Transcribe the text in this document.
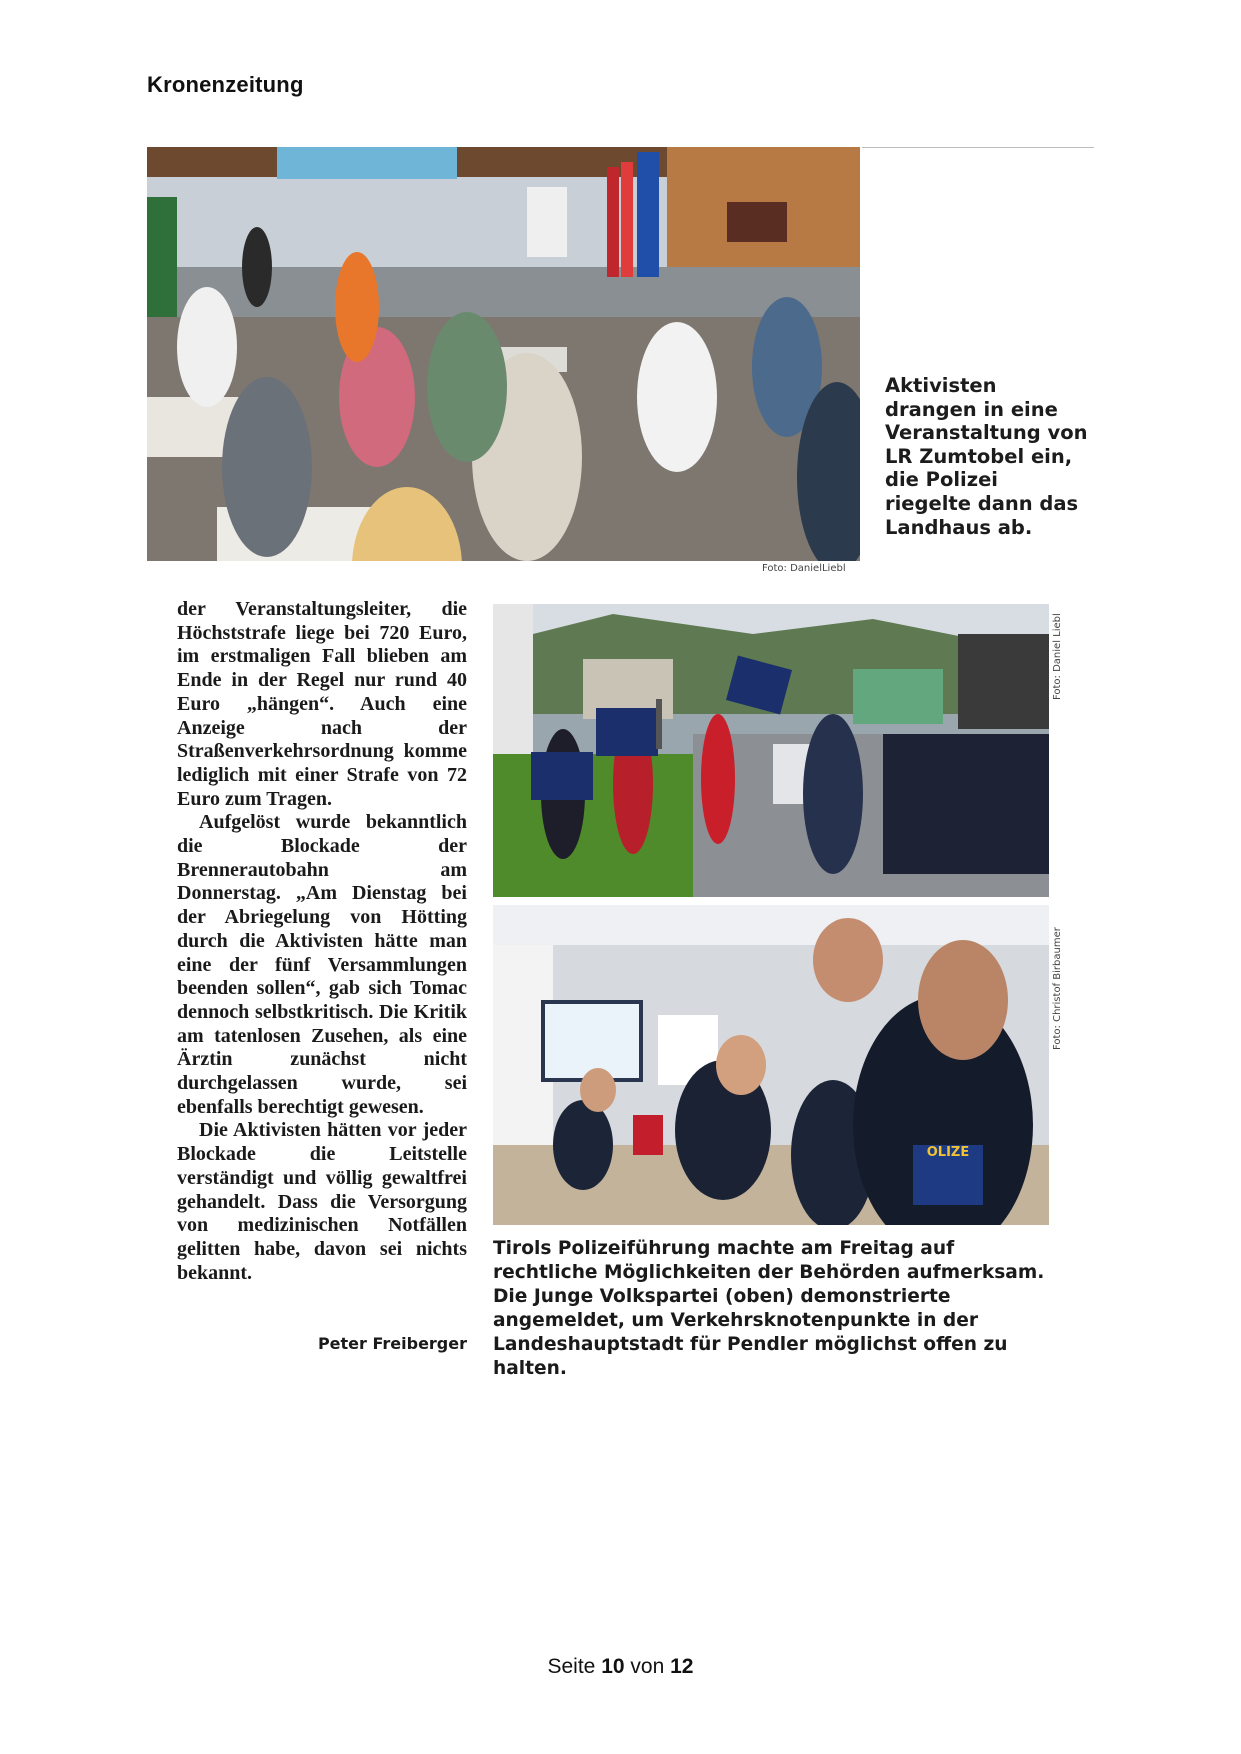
Kronenzeitung
Foto: DanielLiebl
Aktivisten drangen in eine Veranstaltung von LR Zumtobel ein, die Polizei riegelte dann das Landhaus ab.

der Veranstaltungsleiter, die Höchststrafe liege bei 720 Euro, im erstmaligen Fall blieben am Ende in der Regel nur rund 40 Euro „hängen“. Auch eine Anzeige nach der Straßenverkehrsordnung komme lediglich mit einer Strafe von 72 Euro zum Tragen.

Aufgelöst wurde bekanntlich die Blockade der Brennerautobahn am Donnerstag. „Am Dienstag bei der Abriegelung von Hötting durch die Aktivisten hätte man eine der fünf Versammlungen beenden sollen“, gab sich Tomac dennoch selbstkritisch. Die Kritik am tatenlosen Zusehen, als eine Ärztin zunächst nicht durchgelassen wurde, sei ebenfalls berechtigt gewesen.

Die Aktivisten hätten vor jeder Blockade die Leitstelle verständigt und völlig gewaltfrei gehandelt. Dass die Versorgung von medizinischen Notfällen gelitten habe, davon sei nichts bekannt.

Peter Freiberger
Foto: Daniel Liebl
OLIZE
Foto: Christof Birbaumer
Tirols Polizeiführung machte am Freitag auf rechtliche Möglichkeiten der Behörden aufmerksam. Die Junge Volkspartei (oben) demonstrierte angemeldet, um Verkehrsknotenpunkte in der Landeshauptstadt für Pendler möglichst offen zu halten.
Seite 10 von 12
